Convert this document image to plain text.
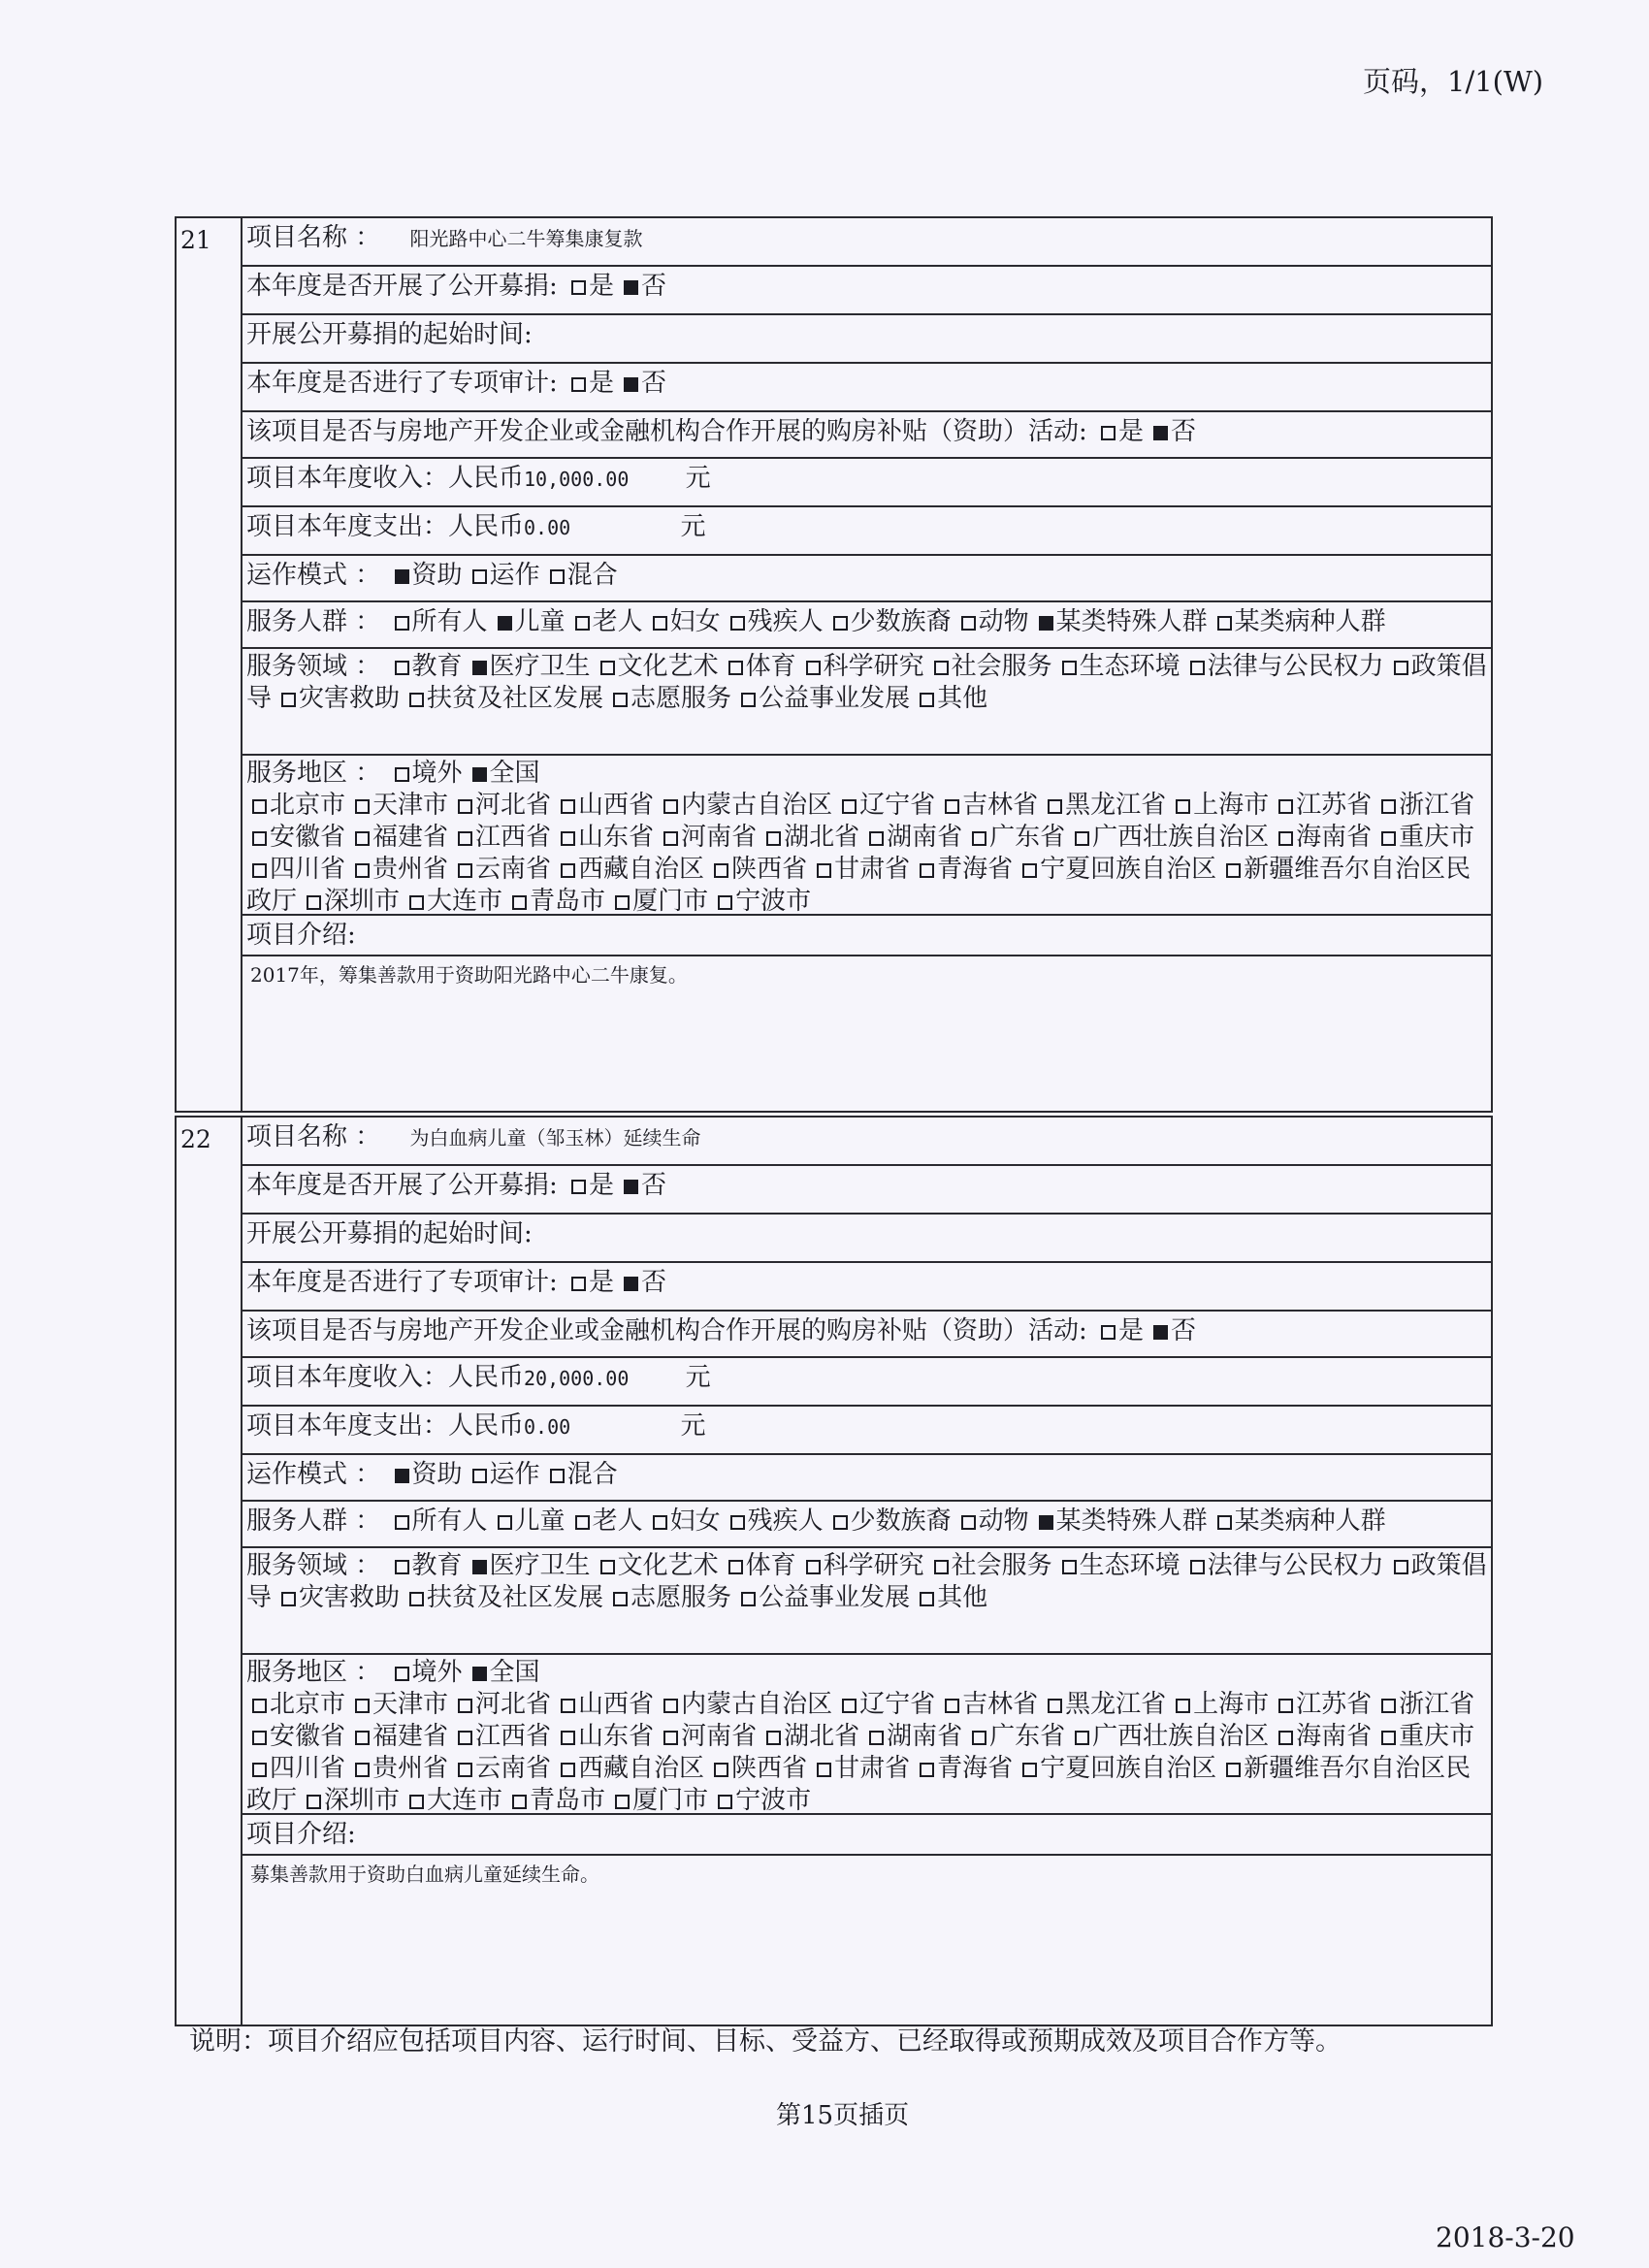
页码，1/1(W)
21	项目名称 ： 阳光路中心二牛筹集康复款
本年度是否开展了公开募捐: 是 否
开展公开募捐的起始时间:
本年度是否进行了专项审计: 是 否
该项目是否与房地产开发企业或金融机构合作开展的购房补贴（资助）活动: 是 否
项目本年度收入：人民币10,000.00 元
项目本年度支出：人民币0.00	元
运作模式 ： 资助 运作 混合
服务人群 ： 所有人 儿童 老人 妇女 残疾人 少数族裔 动物 某类特殊人群 某类病种人群
服务领域 ： 教育 医疗卫生 文化艺术 体育 科学研究 社会服务 生态环境 法律与公民权力 政策倡导 灾害救助 扶贫及社区发展 志愿服务 公益事业发展 其他
服务地区 ： 境外 全国
北京市 天津市 河北省 山西省 内蒙古自治区 辽宁省 吉林省 黑龙江省 上海市 江苏省 浙江省安徽省 福建省 江西省 山东省 河南省 湖北省 湖南省 广东省 广西壮族自治区 海南省 重庆市四川省 贵州省 云南省 西藏自治区 陕西省 甘肃省 青海省 宁夏回族自治区 新疆维吾尔自治区民政厅 深圳市 大连市 青岛市 厦门市 宁波市
项目介绍:
2017年，筹集善款用于资助阳光路中心二牛康复。
22	项目名称 ： 为白血病儿童（邹玉林）延续生命
本年度是否开展了公开募捐: 是 否
开展公开募捐的起始时间:
本年度是否进行了专项审计: 是 否
该项目是否与房地产开发企业或金融机构合作开展的购房补贴（资助）活动: 是 否
项目本年度收入：人民币20,000.00 元
项目本年度支出：人民币0.00	元
运作模式 ： 资助 运作 混合
服务人群 ： 所有人 儿童 老人 妇女 残疾人 少数族裔 动物 某类特殊人群 某类病种人群
服务领域 ： 教育 医疗卫生 文化艺术 体育 科学研究 社会服务 生态环境 法律与公民权力 政策倡导 灾害救助 扶贫及社区发展 志愿服务 公益事业发展 其他
服务地区 ： 境外 全国
北京市 天津市 河北省 山西省 内蒙古自治区 辽宁省 吉林省 黑龙江省 上海市 江苏省 浙江省安徽省 福建省 江西省 山东省 河南省 湖北省 湖南省 广东省 广西壮族自治区 海南省 重庆市四川省 贵州省 云南省 西藏自治区 陕西省 甘肃省 青海省 宁夏回族自治区 新疆维吾尔自治区民政厅 深圳市 大连市 青岛市 厦门市 宁波市
项目介绍:
募集善款用于资助白血病儿童延续生命。
说明：项目介绍应包括项目内容、运行时间、目标、受益方、已经取得或预期成效及项目合作方等。
第15页插页
2018-3-20
